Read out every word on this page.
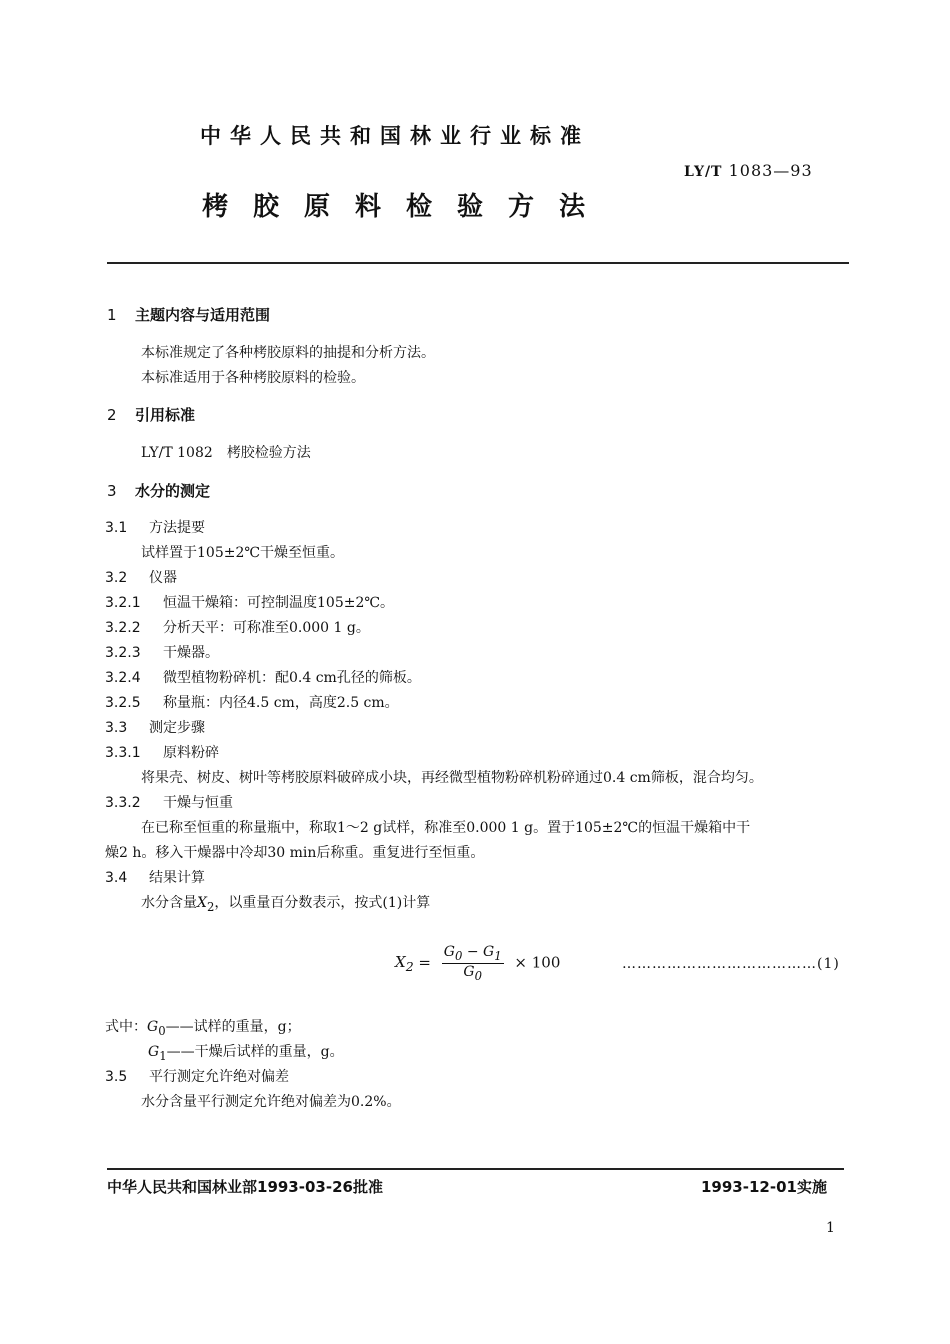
中华人民共和国林业行业标准
LY/T 1083—93
栲胶原料检验方法
1 主题内容与适用范围
本标准规定了各种栲胶原料的抽提和分析方法。
本标准适用于各种栲胶原料的检验。
2 引用标准
LY/T 1082　栲胶检验方法
3 水分的测定
3.1 方法提要
试样置于105±2℃干燥至恒重。
3.2 仪器
3.2.1 恒温干燥箱：可控制温度105±2℃。
3.2.2 分析天平：可称准至0.000 1 g。
3.2.3 干燥器。
3.2.4 微型植物粉碎机：配0.4 cm孔径的筛板。
3.2.5 称量瓶：内径4.5 cm，高度2.5 cm。
3.3 测定步骤
3.3.1 原料粉碎
将果壳、树皮、树叶等栲胶原料破碎成小块，再经微型植物粉碎机粉碎通过0.4 cm筛板，混合均匀。
3.3.2 干燥与恒重
在已称至恒重的称量瓶中，称取1～2 g试样，称准至0.000 1 g。置于105±2℃的恒温干燥箱中干
燥2 h。移入干燥器中冷却30 min后称重。重复进行至恒重。
3.4 结果计算
水分含量$X_2$，以重量百分数表示，按式(1)计算
$X_2 = \frac{G_0 - G_1}{G_0} \times 100$	…………………………………(1)
式中：$G_0——$试样的重量，g；
$G_1——$干燥后试样的重量，g。
3.5 平行测定允许绝对偏差
水分含量平行测定允许绝对偏差为0.2%。
中华人民共和国林业部1993-03-26批准	1993-12-01实施
1
